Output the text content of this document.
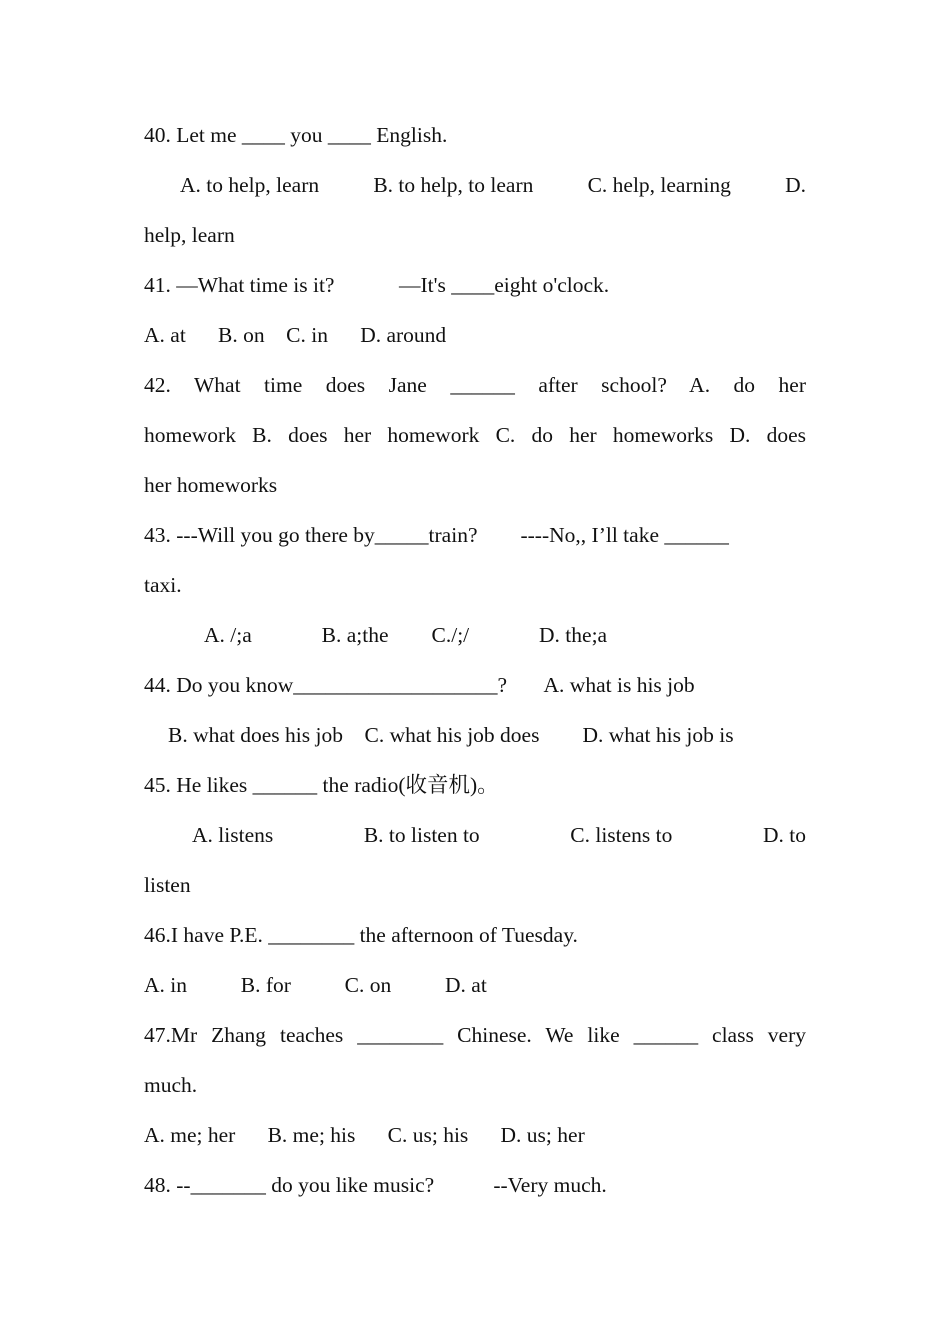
40. Let me ____ you ____ English.
A. to help, learn	B. to help, to learn	C. help, learning	D.
help, learn
41. —What time is it?            —It's ____eight o'clock.
A. at      B. on    C. in      D. around
42. What time does Jane ______ after school? A. do her
homework B. does her homework C. do her homeworks D. does
her homeworks
43. ---Will you go there by_____train?        ----No,, I’ll take ______
taxi.
A. /;a             B. a;the        C./;/             D. the;a
44. Do you know___________________?       A. what is his job
B. what does his job    C. what his job does        D. what his job is
45. He likes ______ the radio(收音机)。
A. listens	B. to listen to	C. listens to	D. to
listen
46.I have P.E. ________ the afternoon of Tuesday.
A. in          B. for          C. on          D. at
47.Mr Zhang teaches ________ Chinese. We like ______ class very
much.
A. me; her      B. me; his      C. us; his      D. us; her
48. --_______ do you like music?           --Very much.
